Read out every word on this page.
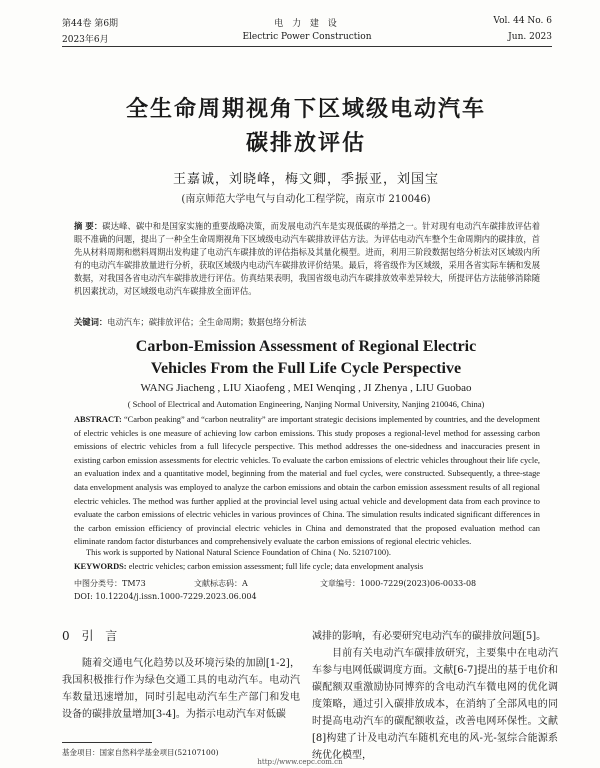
第44卷 第6期	电 力 建 设	Vol. 44 No. 6
2023年6月	Electric Power Construction	Jun. 2023
全生命周期视角下区域级电动汽车
碳排放评估
王嘉诚，刘晓峰，梅文卿，季振亚，刘国宝
(南京师范大学电气与自动化工程学院，南京市 210046)
摘 要：碳达峰、碳中和是国家实施的重要战略决策，而发展电动汽车是实现低碳的举措之一。针对现有电动汽车碳排放评估着眼不准确的问题，提出了一种全生命周期视角下区域级电动汽车碳排放评估方法。为评估电动汽车整个生命周期内的碳排放，首先从材料周期和燃料周期出发构建了电动汽车碳排放的评估指标及其量化模型。进而，利用三阶段数据包络分析法对区域级内所有的电动汽车碳排放量进行分析，获取区域级内电动汽车碳排放评价结果。最后，将省级作为区域级，采用各省实际车辆和发展数据，对我国各省电动汽车碳排放进行评估。仿真结果表明，我国省级电动汽车碳排放效率差异较大，所提评估方法能够消除随机因素扰动，对区域级电动汽车碳排放全面评估。
关键词：电动汽车；碳排放评估；全生命周期；数据包络分析法
Carbon-Emission Assessment of Regional Electric
Vehicles From the Full Life Cycle Perspective
WANG Jiacheng , LIU Xiaofeng , MEI Wenqing , JI Zhenya , LIU Guobao
( School of Electrical and Automation Engineering, Nanjing Normal University, Nanjing 210046, China)
ABSTRACT: “Carbon peaking” and “carbon neutrality” are important strategic decisions implemented by countries, and the development of electric vehicles is one measure of achieving low carbon emissions. This study proposes a regional-level method for assessing carbon emissions of electric vehicles from a full lifecycle perspective. This method addresses the one-sidedness and inaccuracies present in existing carbon emission assessments for electric vehicles. To evaluate the carbon emissions of electric vehicles throughout their life cycle, an evaluation index and a quantitative model, beginning from the material and fuel cycles, were constructed. Subsequently, a three-stage data envelopment analysis was employed to analyze the carbon emissions and obtain the carbon emission assessment results of all regional electric vehicles. The method was further applied at the provincial level using actual vehicle and development data from each province to evaluate the carbon emissions of electric vehicles in various provinces of China. The simulation results indicated significant differences in the carbon emission efficiency of provincial electric vehicles in China and demonstrated that the proposed evaluation method can eliminate random factor disturbances and comprehensively evaluate the carbon emissions of regional electric vehicles.
This work is supported by National Natural Science Foundation of China ( No. 52107100).
KEYWORDS: electric vehicles; carbon emission assessment; full life cycle; data envelopment analysis
中图分类号：TM73	文献标志码：A	文章编号：1000-7229(2023)06-0033-08
DOI: 10.12204/j.issn.1000-7229.2023.06.004
0 引 言
随着交通电气化趋势以及环境污染的加剧[1-2]，我国积极推行作为绿色交通工具的电动汽车。电动汽车数量迅速增加，同时引起电动汽车生产部门和发电设备的碳排放量增加[3-4]。为指示电动汽车对低碳
减排的影响，有必要研究电动汽车的碳排放问题[5]。
目前有关电动汽车碳排放研究，主要集中在电动汽车参与电网低碳调度方面。文献[6-7]提出的基于电价和碳配额双重激励协同博弈的含电动汽车微电网的优化调度策略，通过引入碳排放成本，在消纳了全部风电的同时提高电动汽车的碳配额收益，改善电网环保性。文献[8]构建了计及电动汽车随机充电的风-光-氢综合能源系统优化模型，
基金项目：国家自然科学基金项目(52107100)
http://www.cepc.com.cn
